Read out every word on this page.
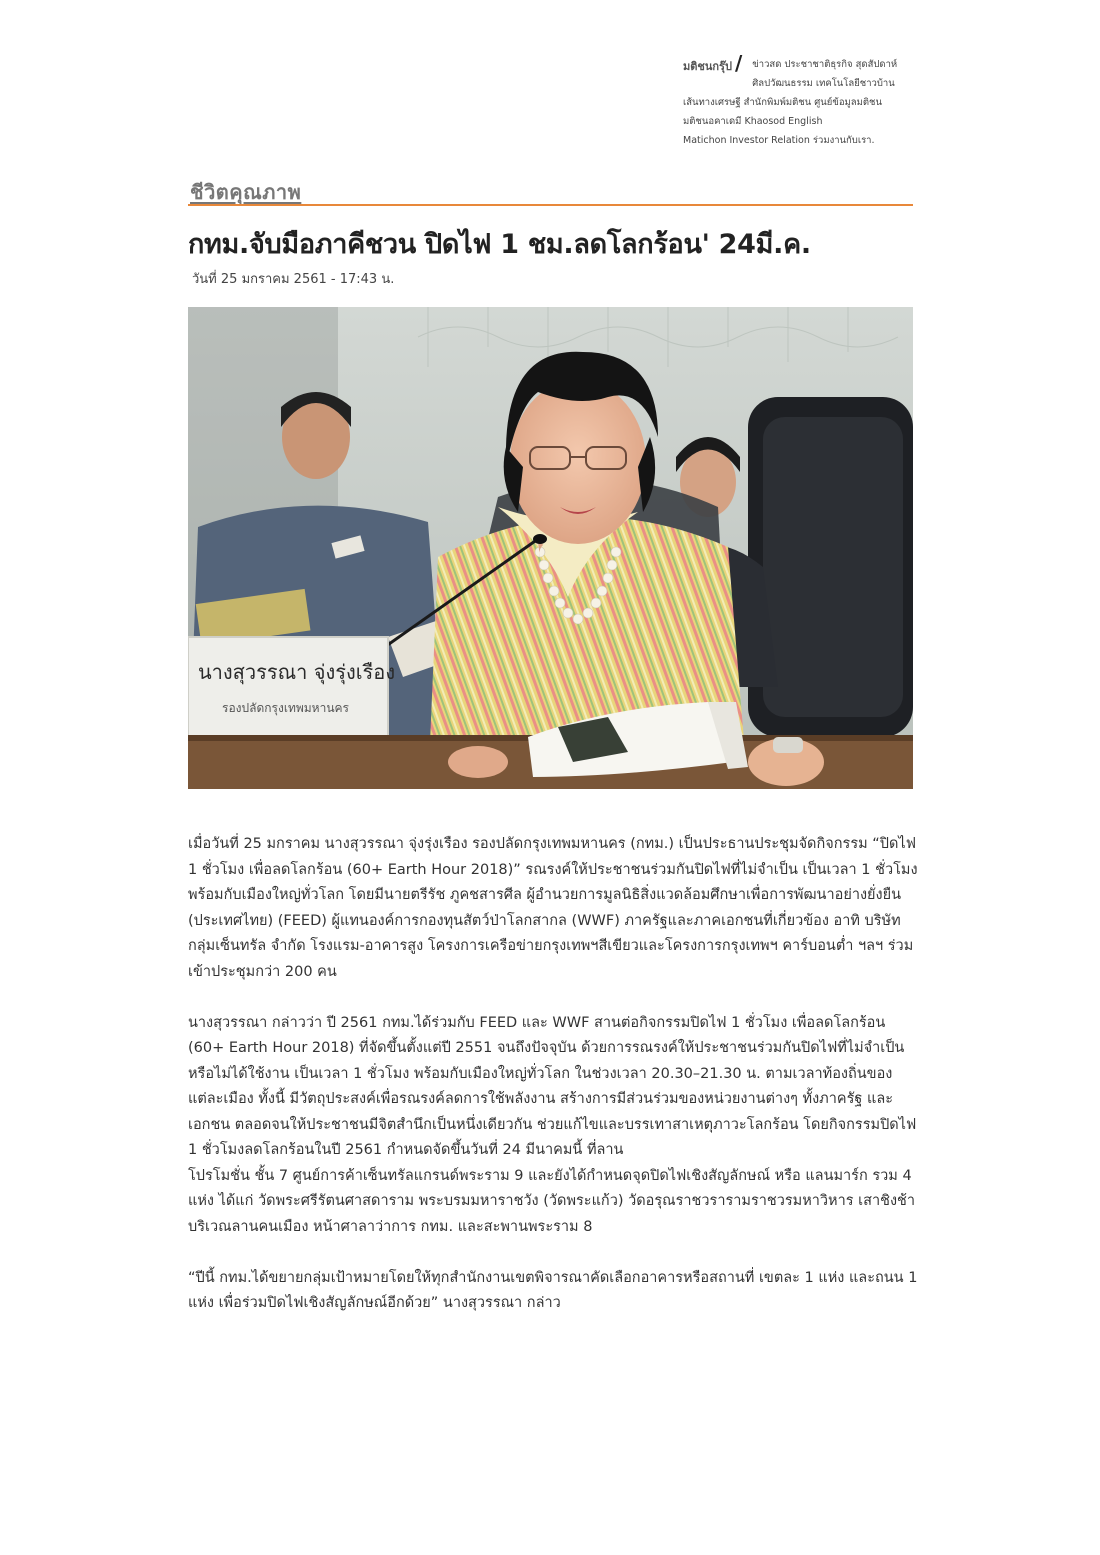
มติชนกรุ๊ป / ข่าวสด ประชาชาติธุรกิจ สุดสัปดาห์
ศิลปวัฒนธรรม เทคโนโลยีชาวบ้าน
เส้นทางเศรษฐี สำนักพิมพ์มติชน ศูนย์ข้อมูลมติชน
มติชนอคาเดมี Khaosod English
Matichon Investor Relation ร่วมงานกับเรา.
ชีวิตคุณภาพ
กทม.จับมือภาคีชวน ปิดไฟ 1 ชม.ลดโลกร้อน' 24มี.ค.
วันที่ 25 มกราคม 2561 - 17:43 น.
นางสุวรรณา จุ่งรุ่งเรือง
รองปลัดกรุงเทพมหานคร

เมื่อวันที่ 25 มกราคม นางสุวรรณา จุ่งรุ่งเรือง รองปลัดกรุงเทพมหานคร (กทม.) เป็นประธานประชุมจัดกิจกรรม “ปิดไฟ 1 ชั่วโมง เพื่อลดโลกร้อน (60+ Earth Hour 2018)” รณรงค์ให้ประชาชนร่วมกันปิดไฟที่ไม่จำเป็น เป็นเวลา 1 ชั่วโมง พร้อมกับเมืองใหญ่ทั่วโลก โดยมีนายตรีรัช ภูคชสารศีล ผู้อำนวยการมูลนิธิสิ่งแวดล้อมศึกษาเพื่อการพัฒนาอย่างยั่งยืน (ประเทศไทย) (FEED) ผู้แทนองค์การกองทุนสัตว์ป่าโลกสากล (WWF) ภาครัฐและภาคเอกชนที่เกี่ยวข้อง อาทิ บริษัท กลุ่มเซ็นทรัล จำกัด โรงแรม-อาคารสูง โครงการเครือข่ายกรุงเทพฯสีเขียวและโครงการกรุงเทพฯ คาร์บอนต่ำ ฯลฯ ร่วมเข้าประชุมกว่า 200 คน

นางสุวรรณา กล่าวว่า ปี 2561 กทม.ได้ร่วมกับ FEED และ WWF สานต่อกิจกรรมปิดไฟ 1 ชั่วโมง เพื่อลดโลกร้อน (60+ Earth Hour 2018) ที่จัดขึ้นตั้งแต่ปี 2551 จนถึงปัจจุบัน ด้วยการรณรงค์ให้ประชาชนร่วมกันปิดไฟที่ไม่จำเป็นหรือไม่ได้ใช้งาน เป็นเวลา 1 ชั่วโมง พร้อมกับเมืองใหญ่ทั่วโลก ในช่วงเวลา 20.30–21.30 น. ตามเวลาท้องถิ่นของแต่ละเมือง ทั้งนี้ มีวัตถุประสงค์เพื่อรณรงค์ลดการใช้พลังงาน สร้างการมีส่วนร่วมของหน่วยงานต่างๆ ทั้งภาครัฐ และเอกชน ตลอดจนให้ประชาชนมีจิตสำนึกเป็นหนึ่งเดียวกัน ช่วยแก้ไขและบรรเทาสาเหตุภาวะโลกร้อน โดยกิจกรรมปิดไฟ 1 ชั่วโมงลดโลกร้อนในปี 2561 กำหนดจัดขึ้นวันที่ 24 มีนาคมนี้ ที่ลาน

โปรโมชั่น ชั้น 7 ศูนย์การค้าเซ็นทรัลแกรนด์พระราม 9 และยังได้กำหนดจุดปิดไฟเชิงสัญลักษณ์ หรือ แลนมาร์ก รวม 4 แห่ง ได้แก่ วัดพระศรีรัตนศาสดาราม พระบรมมหาราชวัง (วัดพระแก้ว) วัดอรุณราชวรารามราชวรมหาวิหาร เสาชิงช้า บริเวณลานคนเมือง หน้าศาลาว่าการ กทม. และสะพานพระราม 8

“ปีนี้ กทม.ได้ขยายกลุ่มเป้าหมายโดยให้ทุกสำนักงานเขตพิจารณาคัดเลือกอาคารหรือสถานที่ เขตละ 1 แห่ง และถนน 1 แห่ง เพื่อร่วมปิดไฟเชิงสัญลักษณ์อีกด้วย” นางสุวรรณา กล่าว
